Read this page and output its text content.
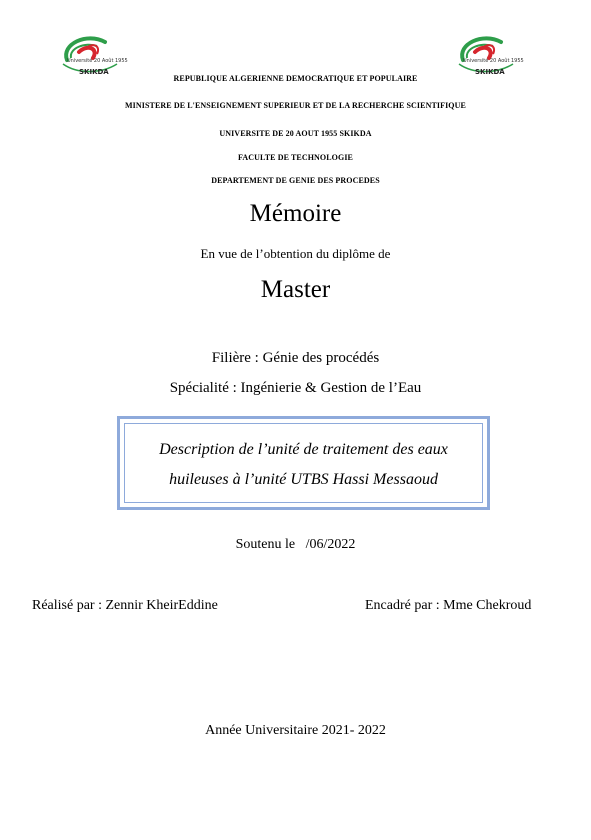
Université 20 Août 1955
SKIKDA
Université 20 Août 1955
SKIKDA
REPUBLIQUE ALGERIENNE DEMOCRATIQUE ET POPULAIRE
MINISTERE DE L'ENSEIGNEMENT SUPERIEUR ET DE LA RECHERCHE SCIENTIFIQUE
UNIVERSITE DE 20 AOUT 1955 SKIKDA
FACULTE DE TECHNOLOGIE
DEPARTEMENT DE GENIE DES PROCEDES
Mémoire
En vue de l’obtention du diplôme de
Master
Filière : Génie des procédés
Spécialité : Ingénierie & Gestion de l’Eau
Description de l’unité de traitement des eaux
huileuses à l’unité UTBS Hassi Messaoud
Soutenu le   /06/2022
Réalisé par : Zennir KheirEddine	Encadré par : Mme Chekroud
Année Universitaire 2021- 2022
